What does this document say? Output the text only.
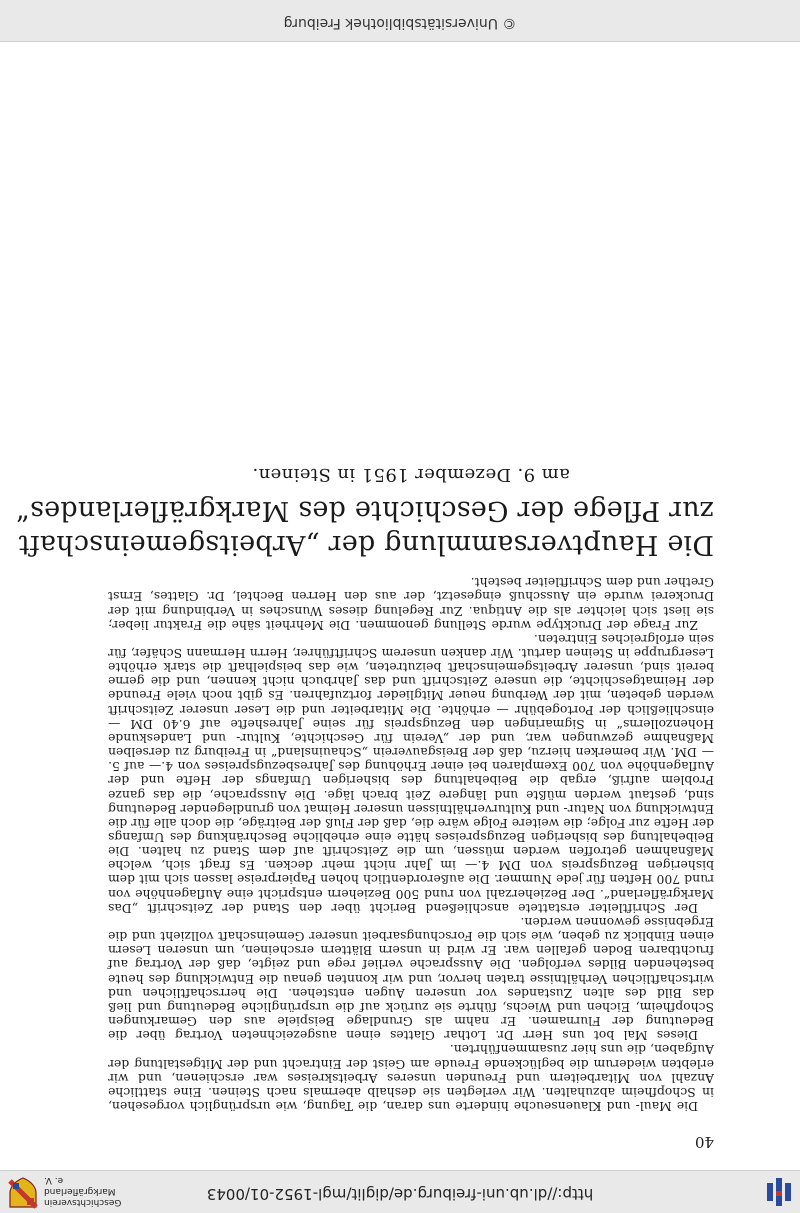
http://dl.ub.uni-freiburg.de/diglit/mgl-1952-01/0043
Geschichtsverein
Markgräflerland e. V.
40

Die Maul- und Klauenseuche hinderte uns daran, die Tagung, wie ursprünglich vorgesehen, in Schopfheim abzuhalten. Wir verlegten sie deshalb abermals nach Steinen. Eine stattliche Anzahl von Mitarbeitern und Freunden unseres Arbeitskreises war erschienen, und wir erlebten wiederum die beglückende Freude am Geist der Eintracht und der Mitgestaltung der Aufgaben, die uns hier zusammenführten.

Dieses Mal bot uns Herr Dr. Lothar Glattes einen ausgezeichneten Vortrag über die Bedeutung der Flurnamen. Er nahm als Grundlage Beispiele aus den Gemarkungen Schopfheim, Eichen und Wiechs, führte sie zurück auf die ursprüngliche Bedeutung und ließ das Bild des alten Zustandes vor unseren Augen entstehen. Die herrschaftlichen und wirtschaftlichen Verhältnisse traten hervor, und wir konnten genau die Entwicklung des heute bestehenden Bildes verfolgen. Die Aussprache verlief rege und zeigte, daß der Vortrag auf fruchtbaren Boden gefallen war. Er wird in unsern Blättern erscheinen, um unseren Lesern einen Einblick zu geben, wie sich die Forschungsarbeit unserer Gemeinschaft vollzieht und die Ergebnisse gewonnen werden.

Der Schriftleiter erstattete anschließend Bericht über den Stand der Zeitschrift „Das Markgräflerland“. Der Bezieherzahl von rund 500 Beziehern entspricht eine Auflagenhöhe von rund 700 Heften für jede Nummer. Die außerordentlich hohen Papierpreise lassen sich mit dem bisherigen Bezugspreis von DM 4.— im Jahr nicht mehr decken. Es fragt sich, welche Maßnahmen getroffen werden müssen, um die Zeitschrift auf dem Stand zu halten. Die Beibehaltung des bisherigen Bezugspreises hätte eine erhebliche Beschränkung des Umfangs der Hefte zur Folge; die weitere Folge wäre die, daß der Fluß der Beiträge, die doch alle für die Entwicklung von Natur- und Kulturverhältnissen unserer Heimat von grundlegender Bedeutung sind, gestaut werden müßte und längere Zeit brach läge. Die Aussprache, die das ganze Problem aufriß, ergab die Beibehaltung des bisherigen Umfangs der Hefte und der Auflagenhöhe von 700 Exemplaren bei einer Erhöhung des Jahresbezugspreises von 4.— auf 5.— DM. Wir bemerken hierzu, daß der Breisgauverein „Schauinsland“ in Freiburg zu derselben Maßnahme gezwungen war, und der „Verein für Geschichte, Kultur- und Landeskunde Hohenzollerns“ in Sigmaringen den Bezugspreis für seine Jahreshefte auf 6.40 DM — einschließlich der Portogebühr — erhöhte. Die Mitarbeiter und die Leser unserer Zeitschrift werden gebeten, mit der Werbung neuer Mitglieder fortzufahren. Es gibt noch viele Freunde der Heimatgeschichte, die unsere Zeitschrift und das Jahrbuch nicht kennen, und die gerne bereit sind, unserer Arbeitsgemeinschaft beizutreten, wie das beispielhaft die stark erhöhte Lesergruppe in Steinen dartut. Wir danken unserem Schriftführer, Herrn Hermann Schäfer, für sein erfolgreiches Eintreten.

Zur Frage der Drucktype wurde Stellung genommen. Die Mehrheit sähe die Fraktur lieber; sie liest sich leichter als die Antiqua. Zur Regelung dieses Wunsches in Verbindung mit der Druckerei wurde ein Ausschuß eingesetzt, der aus den Herren Bechtel, Dr. Glattes, Ernst Grether und dem Schriftleiter besteht.

Die Hauptversammlung der „Arbeitsgemeinschaft
zur Pflege der Geschichte des Markgräflerlandes“
am 9. Dezember 1951 in Steinen.
© Universitätsbibliothek Freiburg
